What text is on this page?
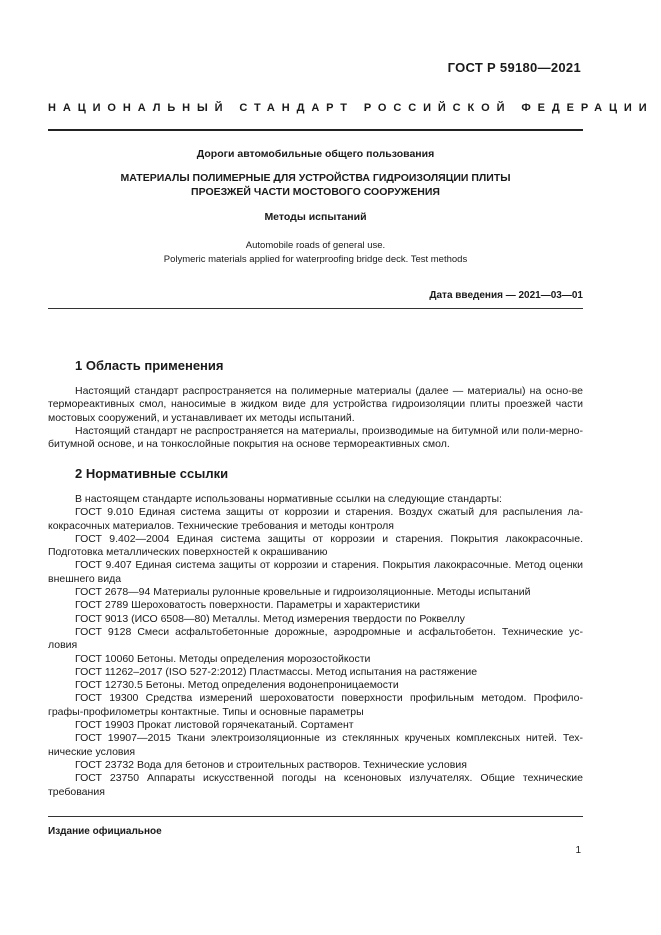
ГОСТ Р 59180—2021
НАЦИОНАЛЬНЫЙ СТАНДАРТ РОССИЙСКОЙ ФЕДЕРАЦИИ
Дороги автомобильные общего пользования
МАТЕРИАЛЫ ПОЛИМЕРНЫЕ ДЛЯ УСТРОЙСТВА ГИДРОИЗОЛЯЦИИ ПЛИТЫ
ПРОЕЗЖЕЙ ЧАСТИ МОСТОВОГО СООРУЖЕНИЯ
Методы испытаний
Automobile roads of general use.
Polymeric materials applied for waterproofing bridge deck. Test methods
Дата введения — 2021—03—01
1 Область применения

Настоящий стандарт распространяется на полимерные материалы (далее — материалы) на осно-ве термореактивных смол, наносимые в жидком виде для устройства гидроизоляции плиты проезжей части мостовых сооружений, и устанавливает их методы испытаний.

Настоящий стандарт не распространяется на материалы, производимые на битумной или поли-мерно-битумной основе, и на тонкослойные покрытия на основе термореактивных смол.

2 Нормативные ссылки

В настоящем стандарте использованы нормативные ссылки на следующие стандарты:

ГОСТ 9.010 Единая система защиты от коррозии и старения. Воздух сжатый для распыления ла-кокрасочных материалов. Технические требования и методы контроля
ГОСТ 9.402—2004 Единая система защиты от коррозии и старения. Покрытия лакокрасочные. Подготовка металлических поверхностей к окрашиванию
ГОСТ 9.407 Единая система защиты от коррозии и старения. Покрытия лакокрасочные. Метод оценки внешнего вида
ГОСТ 2678—94 Материалы рулонные кровельные и гидроизоляционные. Методы испытаний
ГОСТ 2789 Шероховатость поверхности. Параметры и характеристики
ГОСТ 9013 (ИСО 6508—80) Металлы. Метод измерения твердости по Роквеллу
ГОСТ 9128 Смеси асфальтобетонные дорожные, аэродромные и асфальтобетон. Технические ус-ловия
ГОСТ 10060 Бетоны. Методы определения морозостойкости
ГОСТ 11262–2017 (ISO 527-2:2012) Пластмассы. Метод испытания на растяжение
ГОСТ 12730.5 Бетоны. Метод определения водонепроницаемости
ГОСТ 19300 Средства измерений шероховатости поверхности профильным методом. Профило-графы-профилометры контактные. Типы и основные параметры
ГОСТ 19903 Прокат листовой горячекатаный. Сортамент
ГОСТ 19907—2015 Ткани электроизоляционные из стеклянных крученых комплексных нитей. Тех-нические условия
ГОСТ 23732 Вода для бетонов и строительных растворов. Технические условия
ГОСТ 23750 Аппараты искусственной погоды на ксеноновых излучателях. Общие технические требования
Издание официальное
1
